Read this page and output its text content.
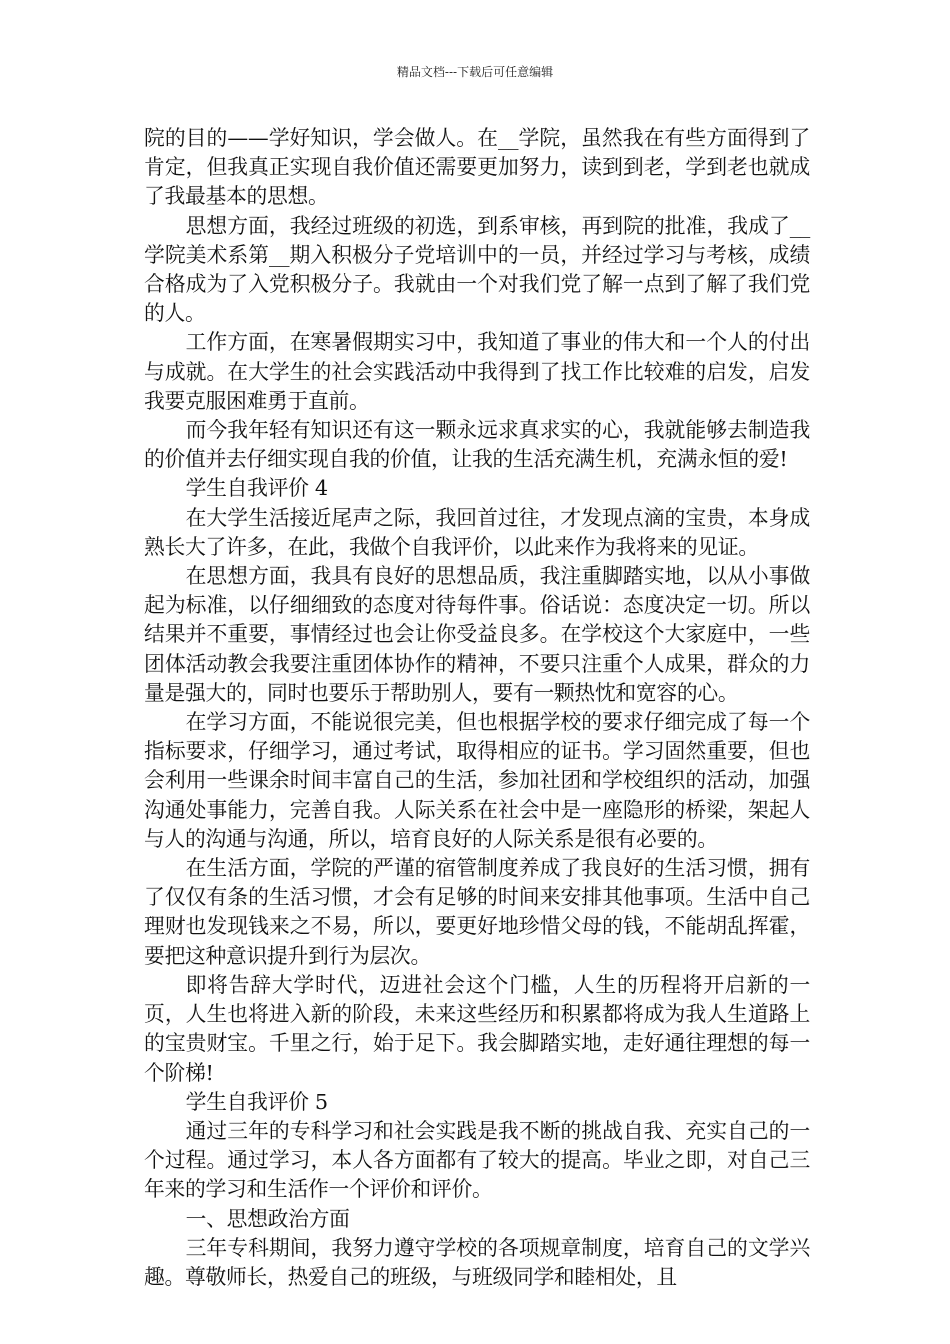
精品文档---下载后可任意编辑

院的目的——学好知识，学会做人。在__学院，虽然我在有些方面得到了肯定，但我真正实现自我价值还需要更加努力，读到到老，学到老也就成了我最基本的思想。

思想方面，我经过班级的初选，到系审核，再到院的批准，我成了__学院美术系第__期入积极分子党培训中的一员，并经过学习与考核，成绩合格成为了入党积极分子。我就由一个对我们党了解一点到了解了我们党的人。

工作方面，在寒暑假期实习中，我知道了事业的伟大和一个人的付出与成就。在大学生的社会实践活动中我得到了找工作比较难的启发，启发我要克服困难勇于直前。

而今我年轻有知识还有这一颗永远求真求实的心，我就能够去制造我的价值并去仔细实现自我的价值，让我的生活充满生机，充满永恒的爱!

学生自我评价 4

在大学生活接近尾声之际，我回首过往，才发现点滴的宝贵，本身成熟长大了许多，在此，我做个自我评价，以此来作为我将来的见证。

在思想方面，我具有良好的思想品质，我注重脚踏实地，以从小事做起为标准，以仔细细致的态度对待每件事。俗话说：态度决定一切。所以结果并不重要，事情经过也会让你受益良多。在学校这个大家庭中，一些团体活动教会我要注重团体协作的精神，不要只注重个人成果，群众的力量是强大的，同时也要乐于帮助别人，要有一颗热忱和宽容的心。

在学习方面，不能说很完美，但也根据学校的要求仔细完成了每一个指标要求，仔细学习，通过考试，取得相应的证书。学习固然重要，但也会利用一些课余时间丰富自己的生活，参加社团和学校组织的活动，加强沟通处事能力，完善自我。人际关系在社会中是一座隐形的桥梁，架起人与人的沟通与沟通，所以，培育良好的人际关系是很有必要的。

在生活方面，学院的严谨的宿管制度养成了我良好的生活习惯，拥有了仅仅有条的生活习惯，才会有足够的时间来安排其他事项。生活中自己理财也发现钱来之不易，所以，要更好地珍惜父母的钱，不能胡乱挥霍，要把这种意识提升到行为层次。

即将告辞大学时代，迈进社会这个门槛，人生的历程将开启新的一页，人生也将进入新的阶段，未来这些经历和积累都将成为我人生道路上的宝贵财宝。千里之行，始于足下。我会脚踏实地，走好通往理想的每一个阶梯!

学生自我评价 5

通过三年的专科学习和社会实践是我不断的挑战自我、充实自己的一个过程。通过学习，本人各方面都有了较大的提高。毕业之即，对自己三年来的学习和生活作一个评价和评价。

一、思想政治方面

三年专科期间，我努力遵守学校的各项规章制度，培育自己的文学兴趣。尊敬师长，热爱自己的班级，与班级同学和睦相处，且
